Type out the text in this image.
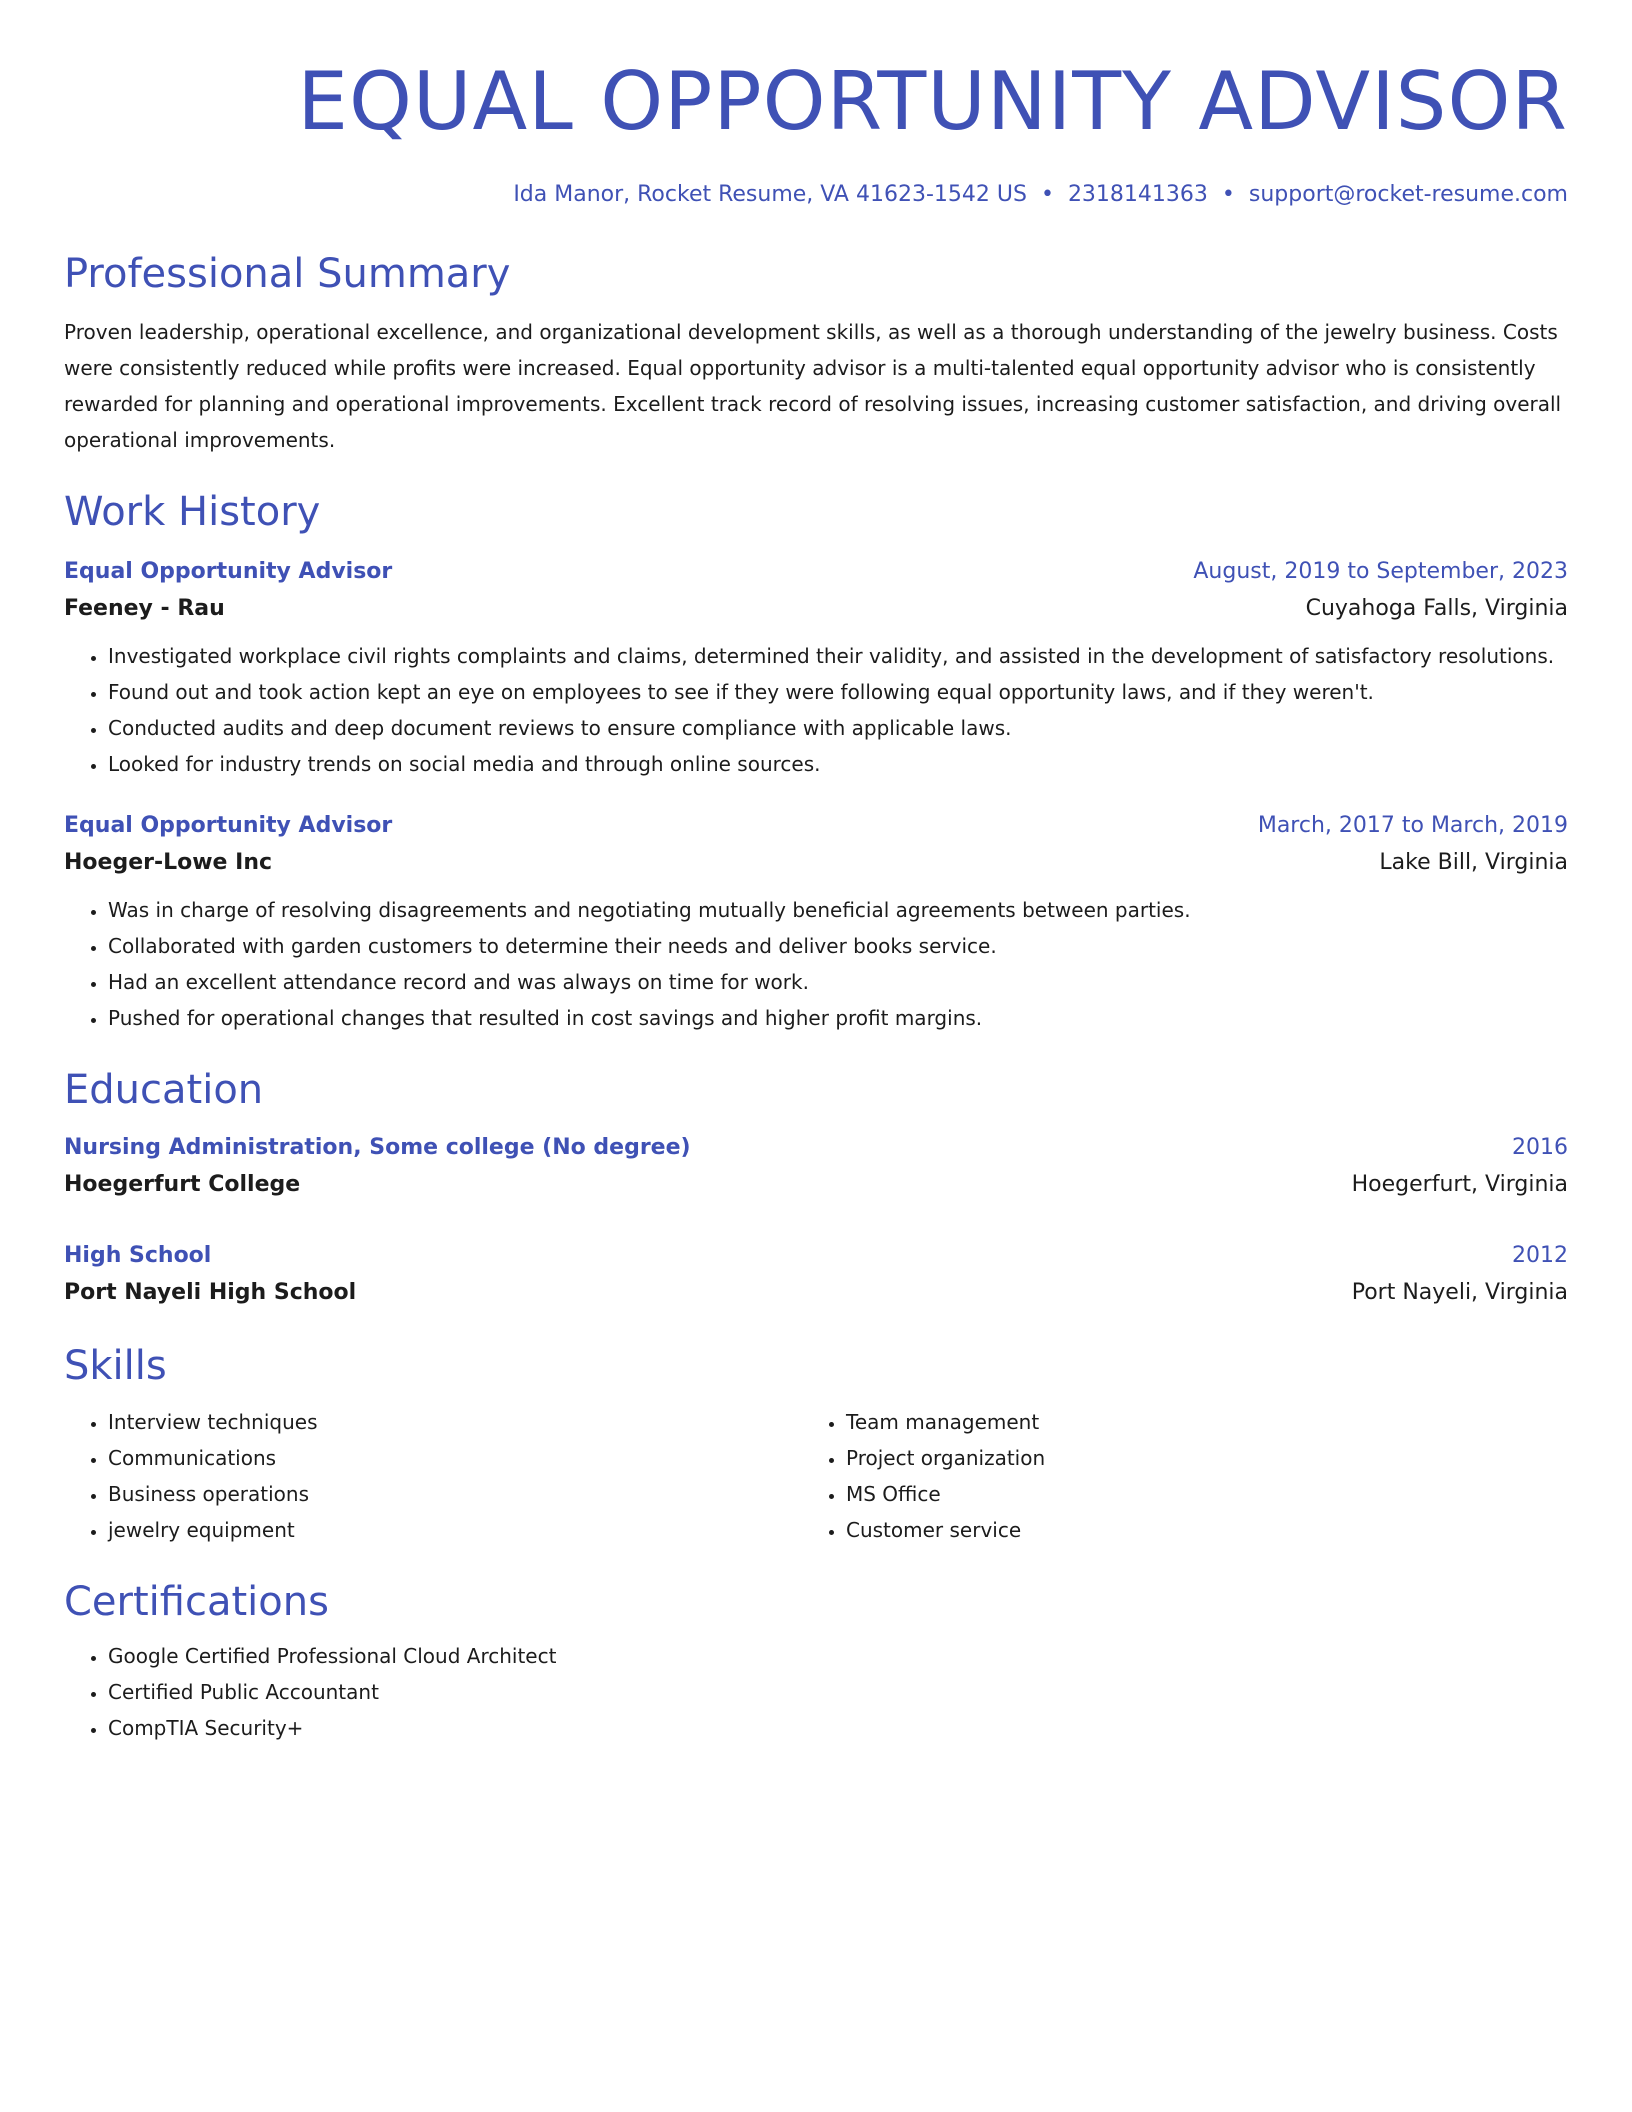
EQUAL OPPORTUNITY ADVISOR
Ida Manor, Rocket Resume, VA 41623-1542 US • 2318141363 • support@rocket-resume.com
Professional Summary
Proven leadership, operational excellence, and organizational development skills, as well as a thorough understanding of the jewelry business. Costs were consistently reduced while profits were increased. Equal opportunity advisor is a multi-talented equal opportunity advisor who is consistently rewarded for planning and operational improvements. Excellent track record of resolving issues, increasing customer satisfaction, and driving overall operational improvements.
Work History
Equal Opportunity Advisor	August, 2019 to September, 2023
Feeney - Rau	Cuyahoga Falls, Virginia
• Investigated workplace civil rights complaints and claims, determined their validity, and assisted in the development of satisfactory resolutions.
• Found out and took action kept an eye on employees to see if they were following equal opportunity laws, and if they weren't.
• Conducted audits and deep document reviews to ensure compliance with applicable laws.
• Looked for industry trends on social media and through online sources.
Equal Opportunity Advisor	March, 2017 to March, 2019
Hoeger-Lowe Inc	Lake Bill, Virginia
• Was in charge of resolving disagreements and negotiating mutually beneficial agreements between parties.
• Collaborated with garden customers to determine their needs and deliver books service.
• Had an excellent attendance record and was always on time for work.
• Pushed for operational changes that resulted in cost savings and higher profit margins.
Education
Nursing Administration, Some college (No degree)	2016
Hoegerfurt College	Hoegerfurt, Virginia
High School	2012
Port Nayeli High School	Port Nayeli, Virginia
Skills
• Interview techniques
• Communications
• Business operations
• jewelry equipment
• Team management
• Project organization
• MS Office
• Customer service
Certifications
• Google Certified Professional Cloud Architect
• Certified Public Accountant
• CompTIA Security+
